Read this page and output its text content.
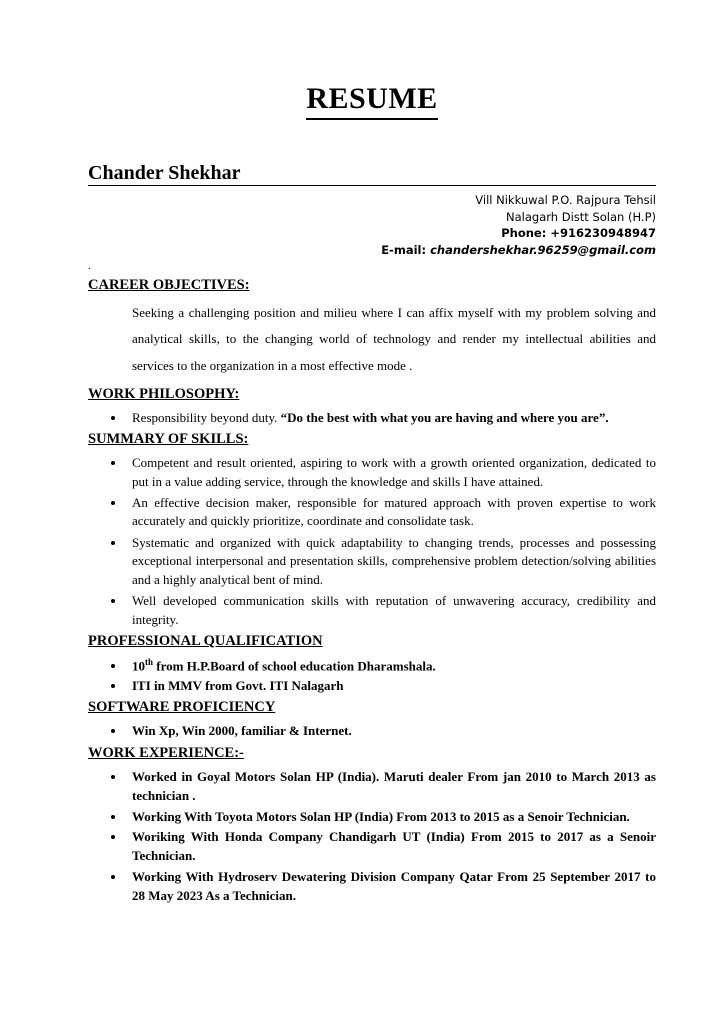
RESUME
Chander Shekhar
Vill Nikkuwal P.O. Rajpura Tehsil
Nalagarh Distt Solan (H.P)
Phone: +916230948947
E-mail: chandershekhar.96259@gmail.com
.
CAREER OBJECTIVES:

Seeking a challenging position and milieu where I can affix myself with my problem solving and analytical skills, to the changing world of technology and render my intellectual abilities and services to the organization in a most effective mode .

WORK PHILOSOPHY:
• Responsibility beyond duty. “Do the best with what you are having and where you are”.
SUMMARY OF SKILLS:
• Competent and result oriented, aspiring to work with a growth oriented organization, dedicated to put in a value adding service, through the knowledge and skills I have attained.
• An effective decision maker, responsible for matured approach with proven expertise to work accurately and quickly prioritize, coordinate and consolidate task.
• Systematic and organized with quick adaptability to changing trends, processes and possessing exceptional interpersonal and presentation skills, comprehensive problem detection/solving abilities and a highly analytical bent of mind.
• Well developed communication skills with reputation of unwavering accuracy, credibility and integrity.
PROFESSIONAL QUALIFICATION
• 10th from H.P.Board of school education Dharamshala.
• ITI in MMV from Govt. ITI Nalagarh
SOFTWARE PROFICIENCY
• Win Xp, Win 2000, familiar & Internet.
WORK EXPERIENCE:-
• Worked in Goyal Motors Solan HP (India). Maruti dealer From jan 2010 to March 2013 as technician .
• Working With Toyota Motors Solan HP (India) From 2013 to 2015 as a Senoir Technician.
• Woriking With Honda Company Chandigarh UT (India) From 2015 to 2017 as a Senoir Technician.
• Working With Hydroserv Dewatering Division Company Qatar From 25 September 2017 to 28 May 2023 As a Technician.
